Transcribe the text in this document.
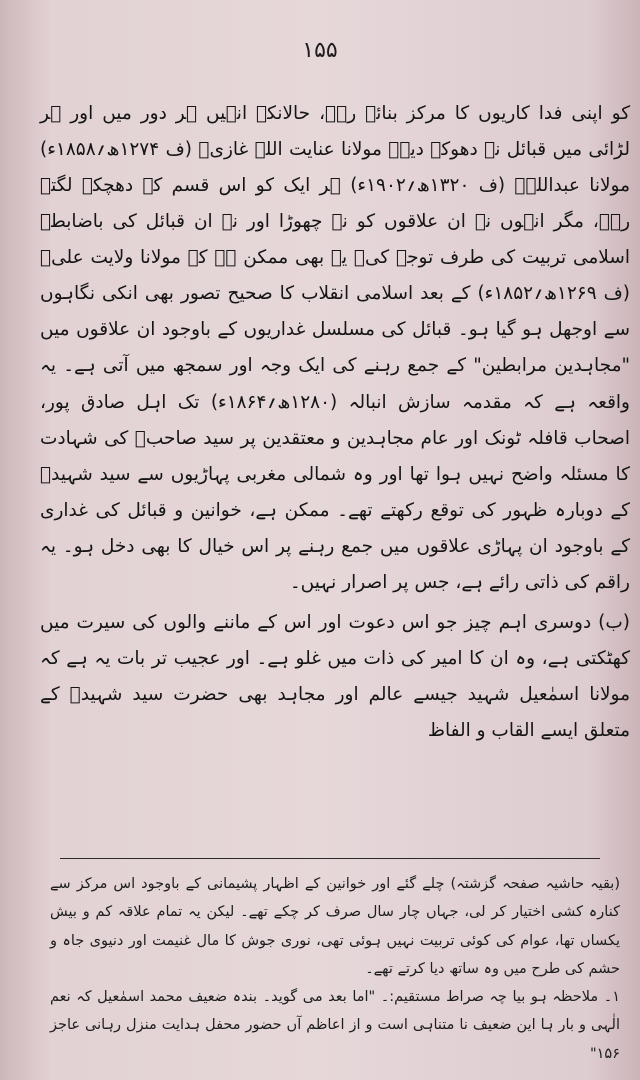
۱۵۵

کو اپنی فدا کاریوں کا مرکز بنائے رہے، حالانکہ انہیں ہر دور میں اور ہر لڑائی میں قبائل نے دھوکے دیے۔ مولانا عنایت اللہ غازیؒ (ف ۱۲۷۴ھ؍۱۸۵۸ء) مولانا عبداللہؒ (ف ۱۳۲۰ھ؍۱۹۰۲ء) ہر ایک کو اس قسم کے دھچکے لگتے رہے، مگر انہوں نے ان علاقوں کو نہ چھوڑا اور نہ ان قبائل کی باضابطہ اسلامی تربیت کی طرف توجہ کی۔ یہ بھی ممکن ہے کہ مولانا ولایت علیؒ (ف ۱۲۶۹ھ؍۱۸۵۲ء) کے بعد اسلامی انقلاب کا صحیح تصور بھی انکی نگاہوں سے اوجھل ہو گیا ہو۔ قبائل کی مسلسل غداریوں کے باوجود ان علاقوں میں "مجاہدین مرابطین" کے جمع رہنے کی ایک وجہ اور سمجھ میں آتی ہے۔ یہ واقعہ ہے کہ مقدمہ سازش انبالہ (۱۲۸۰ھ؍۱۸۶۴ء) تک اہل صادق پور، اصحاب قافلہ ٹونک اور عام مجاہدین و معتقدین پر سید صاحبؒ کی شہادت کا مسئلہ واضح نہیں ہوا تھا اور وہ شمالی مغربی پہاڑیوں سے سید شہیدؒ کے دوبارہ ظہور کی توقع رکھتے تھے۔ ممکن ہے، خوانین و قبائل کی غداری کے باوجود ان پہاڑی علاقوں میں جمع رہنے پر اس خیال کا بھی دخل ہو۔ یہ راقم کی ذاتی رائے ہے، جس پر اصرار نہیں۔

(ب) دوسری اہم چیز جو اس دعوت اور اس کے ماننے والوں کی سیرت میں کھٹکتی ہے، وہ ان کا امیر کی ذات میں غلو ہے۔ اور عجیب تر بات یہ ہے کہ مولانا اسمٰعیل شہید جیسے عالم اور مجاہد بھی حضرت سید شہیدؒ کے متعلق ایسے القاب و الفاظ

(بقیہ حاشیہ صفحہ گزشتہ) چلے گئے اور خوانین کے اظہار پشیمانی کے باوجود اس مرکز سے کنارہ کشی اختیار کر لی، جہاں چار سال صرف کر چکے تھے۔ لیکن یہ تمام علاقہ کم و بیش یکساں تھا، عوام کی کوئی تربیت نہیں ہوئی تھی، نوری جوش کا مال غنیمت اور دنیوی جاہ و حشم کی طرح میں وہ ساتھ دیا کرتے تھے۔

۱۔ ملاحظہ ہو بیا چہ صراط مستقیم:۔ "اما بعد می گوید۔ بندہ ضعیف محمد اسمٰعیل کہ نعم الٰہی و بار ہا این ضعیف نا متناہی است و از اعاظم آں حضور محفل ہدایت منزل رہانی عاجز ۱۵۶"
